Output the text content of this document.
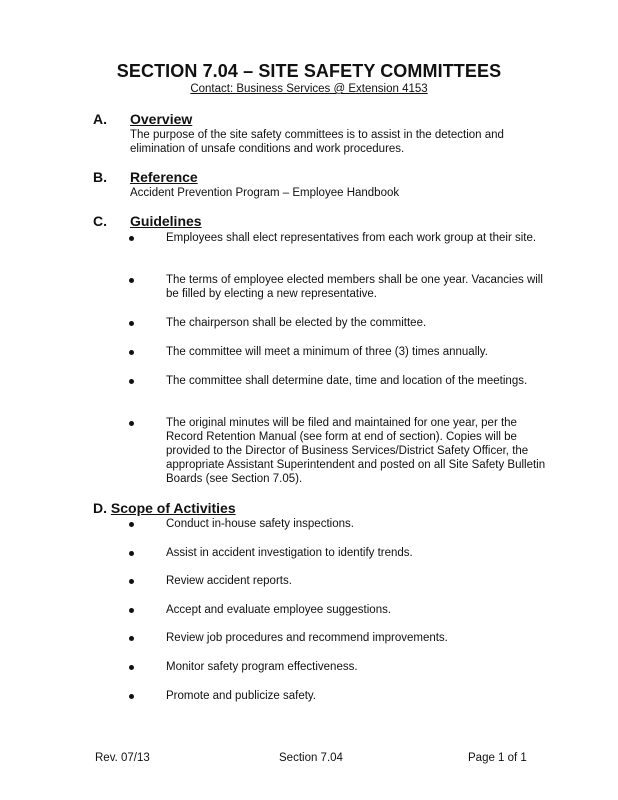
SECTION 7.04 – SITE SAFETY COMMITTEES
Contact: Business Services @ Extension 4153
A. Overview
The purpose of the site safety committees is to assist in the detection and elimination of unsafe conditions and work procedures.
B. Reference
Accident Prevention Program – Employee Handbook
C. Guidelines
Employees shall elect representatives from each work group at their site.
The terms of employee elected members shall be one year. Vacancies will be filled by electing a new representative.
The chairperson shall be elected by the committee.
The committee will meet a minimum of three (3) times annually.
The committee shall determine date, time and location of the meetings.
The original minutes will be filed and maintained for one year, per the Record Retention Manual (see form at end of section). Copies will be provided to the Director of Business Services/District Safety Officer, the appropriate Assistant Superintendent and posted on all Site Safety Bulletin Boards (see Section 7.05).
D. Scope of Activities
Conduct in-house safety inspections.
Assist in accident investigation to identify trends.
Review accident reports.
Accept and evaluate employee suggestions.
Review job procedures and recommend improvements.
Monitor safety program effectiveness.
Promote and publicize safety.
Rev. 07/13	Section 7.04	Page 1 of 1
